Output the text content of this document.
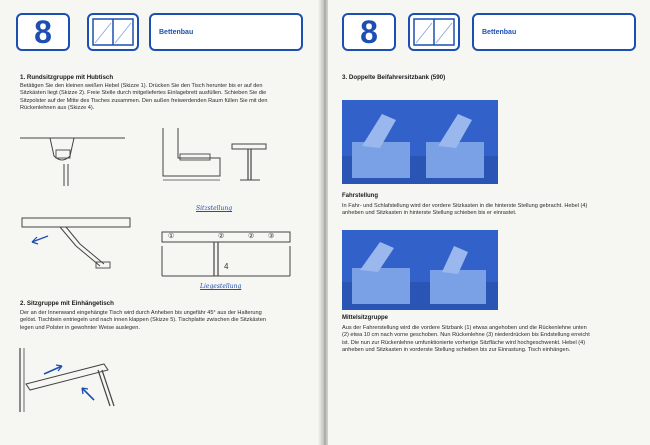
8	Bettenbau
1. Rundsitzgruppe mit Hubtisch
Betätigen Sie den kleinen weißen Hebel (Skizze 1). Drücken Sie den Tisch herunter bis er auf den
Sitzkästen liegt (Skizze 2). Freie Stelle durch mitgeliefertes Einlagebrett ausfüllen. Schieben Sie die
Sitzpolster auf der Mitte des Tisches zusammen. Den außen freiwerdenden Raum füllen Sie mit den
Rückenlehnen aus (Skizze 4).
Sitzstellung
①	②	② ③
4
Liegestellung
2. Sitzgruppe mit Einhängetisch
Der an der Innenwand eingehängte Tisch wird durch Anheben bis ungefähr 45° aus der Halterung
gelöst. Tischbein entriegeln und nach innen klappen (Skizze 5). Tischplatte zwischen die Sitzkästen
legen und Polster in gewohnter Weise auslegen.
8	Bettenbau
3. Doppelte Beifahrersitzbank (590)
Fahrstellung
In Fahr- und Schlafstellung wird der vordere Sitzkasten in die hinterste Stellung gebracht. Hebel (4)
anheben und Sitzkasten in hinterste Stellung schieben bis er einrastet.
Mittelsitzgruppe
Aus der Fahrerstellung wird die vordere Sitzbank (1) etwas angehoben und die Rückenlehne unten
(2) etwa 10 cm nach vorne geschoben. Nun Rückenlehne (3) niederdrücken bis Endstellung erreicht
ist. Die nun zur Rückenlehne umfunktionierte vorherige Sitzfläche wird hochgeschwenkt. Hebel (4)
anheben und Sitzkasten in vorderste Stellung schieben bis zur Einrastung. Tisch einhängen.
